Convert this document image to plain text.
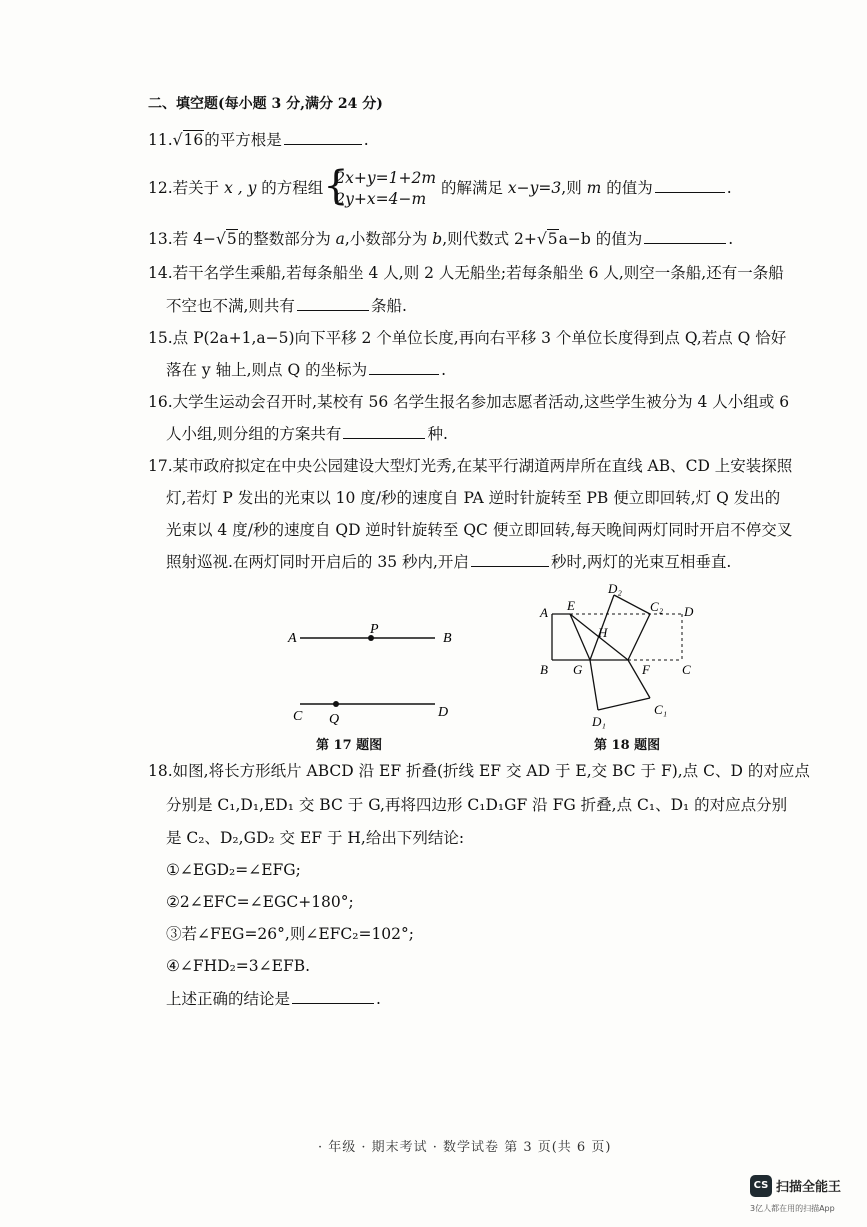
二、填空题(每小题 3 分,满分 24 分)
11.√16的平方根是	.
12.若关于 x , y 的方程组 {
2x+y=1+2m
2y+x=4−m 的解满足 x−y=3,则 m 的值为	.
13.若 4−√5的整数部分为 a,小数部分为 b,则代数式 2+√5a−b 的值为	.
14.若干名学生乘船,若每条船坐 4 人,则 2 人无船坐;若每条船坐 6 人,则空一条船,还有一条船
不空也不满,则共有	条船.
15.点 P(2a+1,a−5)向下平移 2 个单位长度,再向右平移 3 个单位长度得到点 Q,若点 Q 恰好
落在 y 轴上,则点 Q 的坐标为	.
16.大学生运动会召开时,某校有 56 名学生报名参加志愿者活动,这些学生被分为 4 人小组或 6
人小组,则分组的方案共有	种.
17.某市政府拟定在中央公园建设大型灯光秀,在某平行湖道两岸所在直线 AB、CD 上安装探照
灯,若灯 P 发出的光束以 10 度/秒的速度自 PA 逆时针旋转至 PB 便立即回转,灯 Q 发出的
光束以 4 度/秒的速度自 QD 逆时针旋转至 QC 便立即回转,每天晚间两灯同时开启不停交叉
照射巡视.在两灯同时开启后的 35 秒内,开启	秒时,两灯的光束互相垂直.
A	B
P
C	D
Q
第 17 题图
A E
D₂
C₂ D
H
B G	F C
D₁
C₁
第 18 题图
18.如图,将长方形纸片 ABCD 沿 EF 折叠(折线 EF 交 AD 于 E,交 BC 于 F),点 C、D 的对应点
分别是 C₁,D₁,ED₁ 交 BC 于 G,再将四边形 C₁D₁GF 沿 FG 折叠,点 C₁、D₁ 的对应点分别
是 C₂、D₂,GD₂ 交 EF 于 H,给出下列结论:
①∠EGD₂=∠EFG;
②2∠EFC=∠EGC+180°;
③若∠FEG=26°,则∠EFC₂=102°;
④∠FHD₂=3∠EFB.
上述正确的结论是	.
· 年级 · 期末考试 · 数学试卷 第 3 页(共 6 页)
CS 扫描全能王
3亿人都在用的扫描App
